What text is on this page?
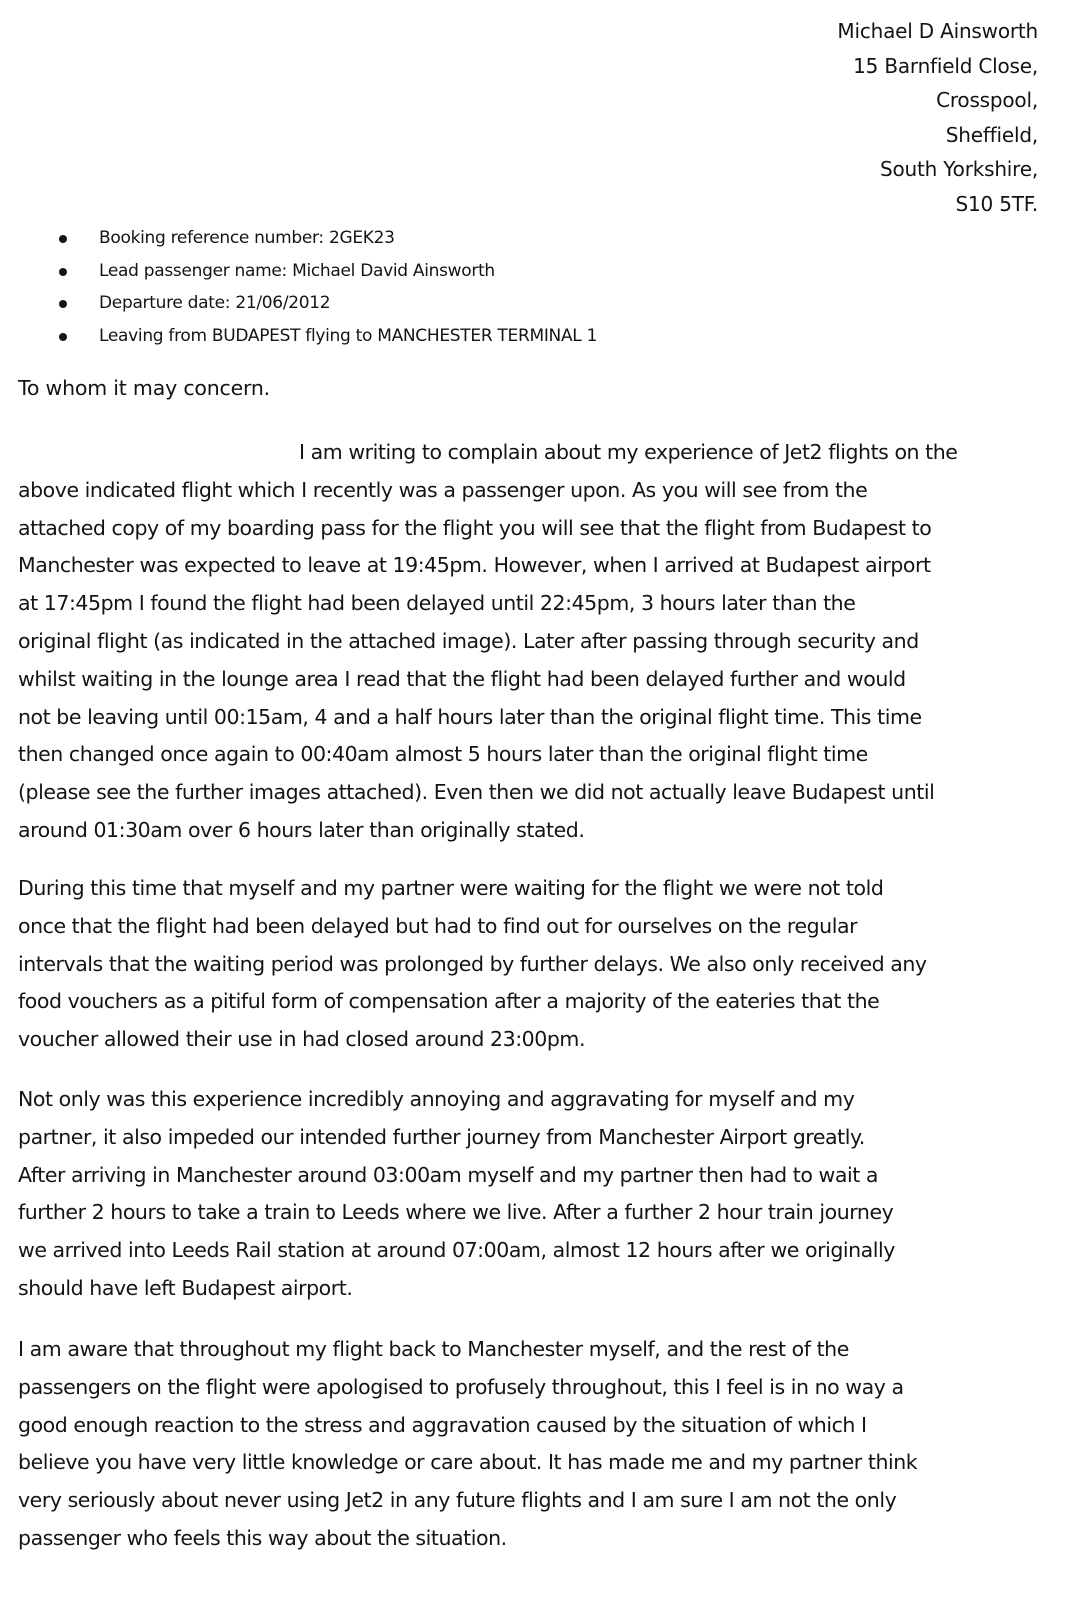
Michael D Ainsworth
15 Barnfield Close,
Crosspool,
Sheffield,
South Yorkshire,
S10 5TF.
Booking reference number: 2GEK23
Lead passenger name: Michael David Ainsworth
Departure date: 21/06/2012
Leaving from BUDAPEST flying to MANCHESTER TERMINAL 1
To whom it may concern.
I am writing to complain about my experience of Jet2 flights on the
above indicated flight which I recently was a passenger upon. As you will see from the
attached copy of my boarding pass for the flight you will see that the flight from Budapest to
Manchester was expected to leave at 19:45pm. However, when I arrived at Budapest airport
at 17:45pm I found the flight had been delayed until 22:45pm, 3 hours later than the
original flight (as indicated in the attached image). Later after passing through security and
whilst waiting in the lounge area I read that the flight had been delayed further and would
not be leaving until 00:15am, 4 and a half hours later than the original flight time. This time
then changed once again to 00:40am almost 5 hours later than the original flight time
(please see the further images attached). Even then we did not actually leave Budapest until
around 01:30am over 6 hours later than originally stated.
During this time that myself and my partner were waiting for the flight we were not told
once that the flight had been delayed but had to find out for ourselves on the regular
intervals that the waiting period was prolonged by further delays. We also only received any
food vouchers as a pitiful form of compensation after a majority of the eateries that the
voucher allowed their use in had closed around 23:00pm.
Not only was this experience incredibly annoying and aggravating for myself and my
partner, it also impeded our intended further journey from Manchester Airport greatly.
After arriving in Manchester around 03:00am myself and my partner then had to wait a
further 2 hours to take a train to Leeds where we live. After a further 2 hour train journey
we arrived into Leeds Rail station at around 07:00am, almost 12 hours after we originally
should have left Budapest airport.
I am aware that throughout my flight back to Manchester myself, and the rest of the
passengers on the flight were apologised to profusely throughout, this I feel is in no way a
good enough reaction to the stress and aggravation caused by the situation of which I
believe you have very little knowledge or care about. It has made me and my partner think
very seriously about never using Jet2 in any future flights and I am sure I am not the only
passenger who feels this way about the situation.
